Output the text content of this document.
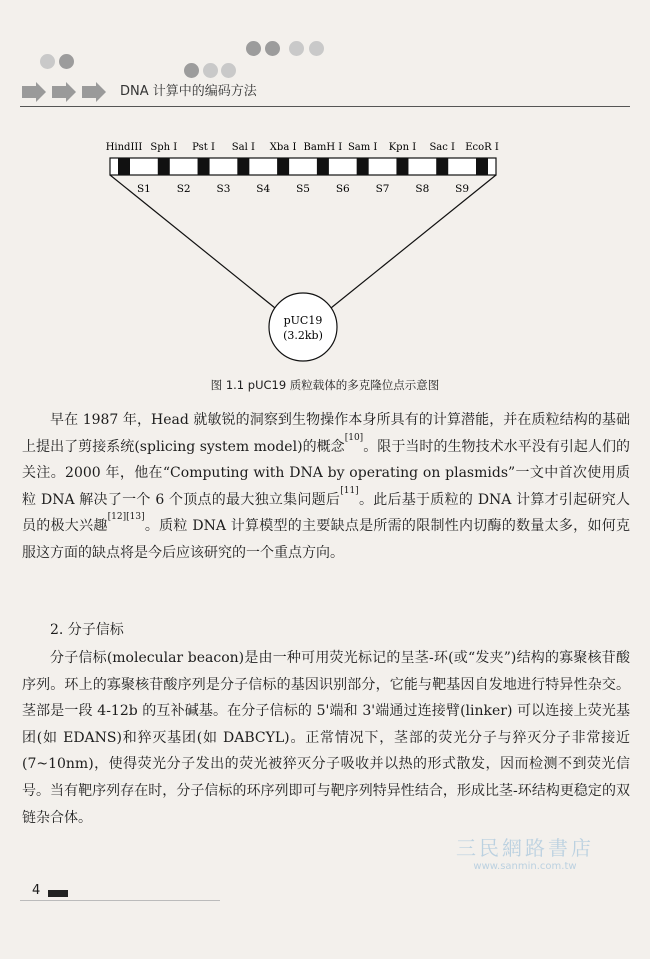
DNA 计算中的编码方法
HindIII Sph I Pst I Sal I Xba I BamH I Sam I Kpn I Sac I EcoR I
S1 S2 S3 S4 S5 S6 S7 S8 S9
pUC19
(3.2kb)
图 1.1 pUC19 质粒载体的多克隆位点示意图

早在 1987 年，Head 就敏锐的洞察到生物操作本身所具有的计算潜能，并在质粒结构的基础上提出了剪接系统(splicing system model)的概念[10]。限于当时的生物技术水平没有引起人们的关注。2000 年，他在“Computing with DNA by operating on plasmids”一文中首次使用质粒 DNA 解决了一个 6 个顶点的最大独立集问题后[11]。此后基于质粒的 DNA 计算才引起研究人员的极大兴趣[12][13]。质粒 DNA 计算模型的主要缺点是所需的限制性内切酶的数量太多，如何克服这方面的缺点将是今后应该研究的一个重点方向。

2. 分子信标

分子信标(molecular beacon)是由一种可用荧光标记的呈茎-环(或“发夹”)结构的寡聚核苷酸序列。环上的寡聚核苷酸序列是分子信标的基因识别部分，它能与靶基因自发地进行特异性杂交。茎部是一段 4-12b 的互补碱基。在分子信标的 5'端和 3'端通过连接臂(linker) 可以连接上荧光基团(如 EDANS)和猝灭基团(如 DABCYL)。正常情况下，茎部的荧光分子与猝灭分子非常接近(7~10nm)，使得荧光分子发出的荧光被猝灭分子吸收并以热的形式散发，因而检测不到荧光信号。当有靶序列存在时，分子信标的环序列即可与靶序列特异性结合，形成比茎-环结构更稳定的双链杂合体。

三民網路書店
www.sanmin.com.tw
4
